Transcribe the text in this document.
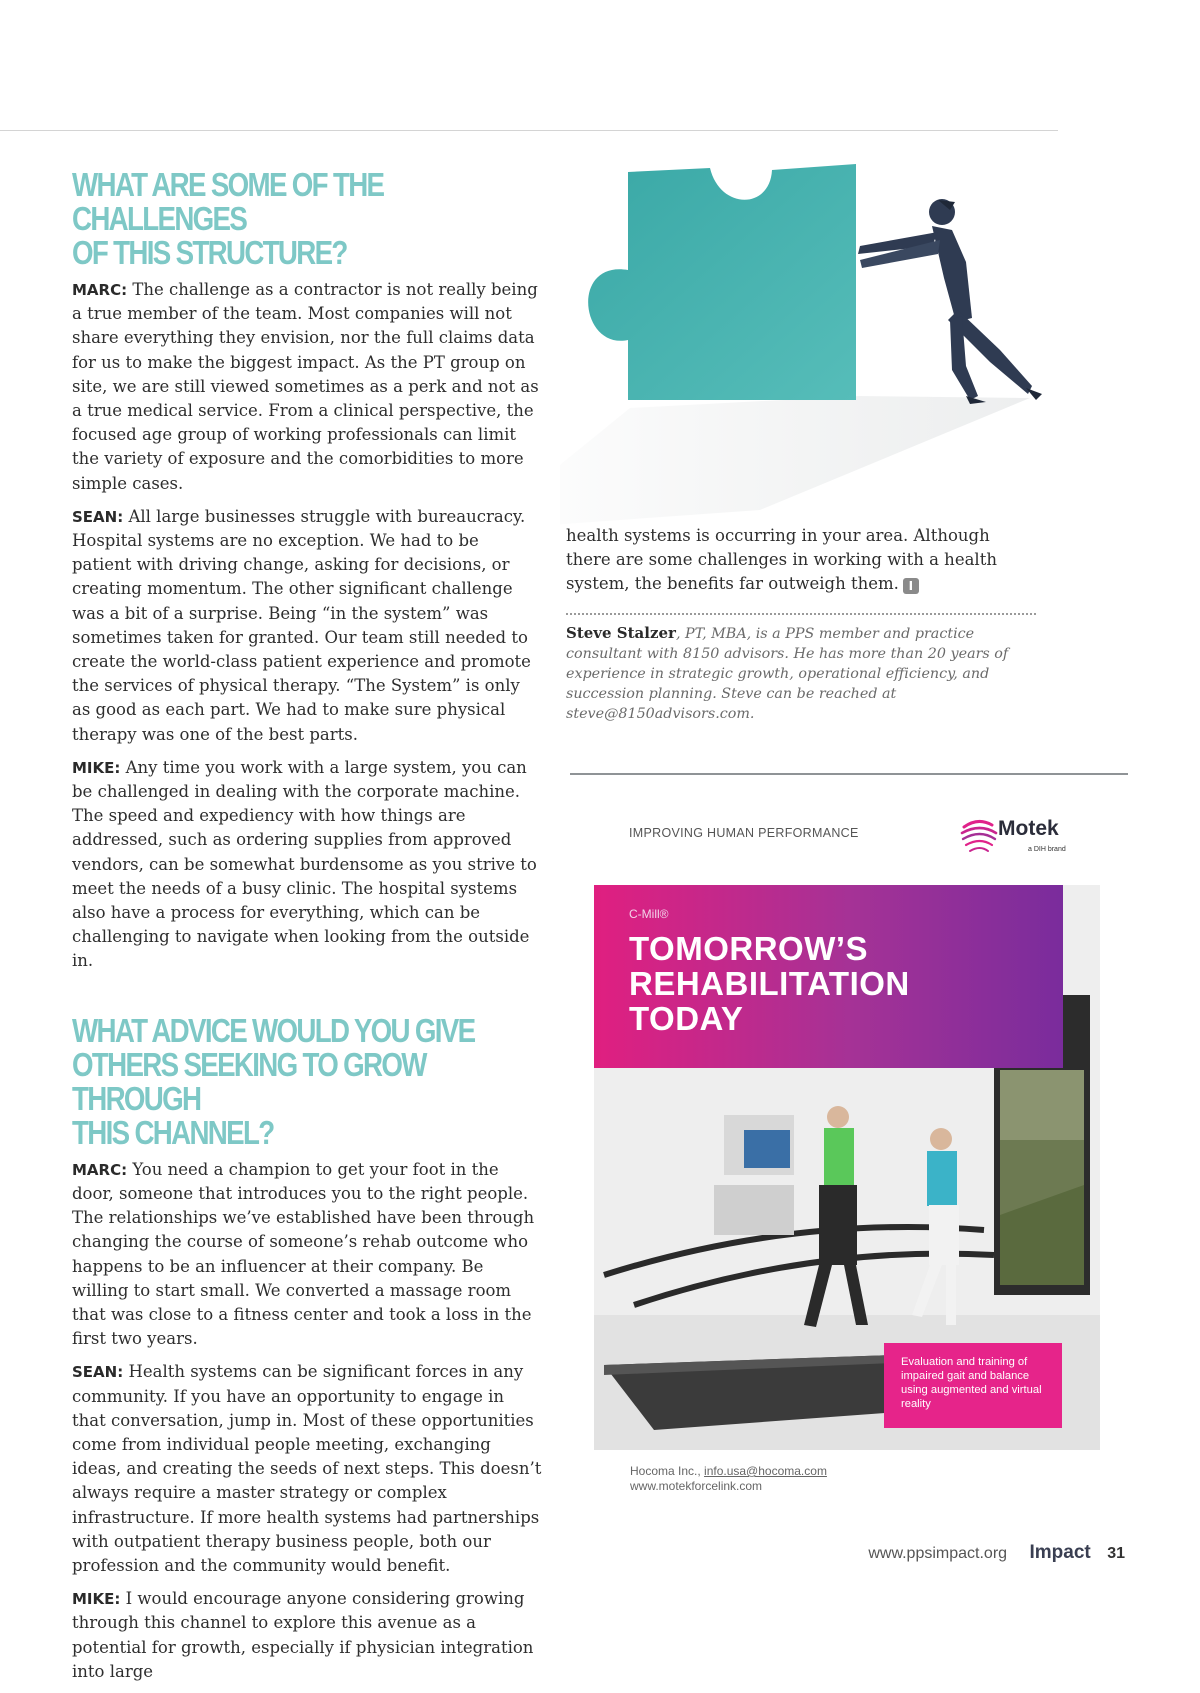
WHAT ARE SOME OF THE CHALLENGES
OF THIS STRUCTURE?

MARC: The challenge as a contractor is not really being a true member of the team. Most companies will not share everything they envision, nor the full claims data for us to make the biggest impact. As the PT group on site, we are still viewed sometimes as a perk and not as a true medical service. From a clinical perspective, the focused age group of working professionals can limit the variety of exposure and the comorbidities to more simple cases.

SEAN: All large businesses struggle with bureaucracy. Hospital systems are no exception. We had to be patient with driving change, asking for decisions, or creating momentum. The other significant challenge was a bit of a surprise. Being “in the system” was sometimes taken for granted. Our team still needed to create the world-class patient experience and promote the services of physical therapy. “The System” is only as good as each part. We had to make sure physical therapy was one of the best parts.

MIKE: Any time you work with a large system, you can be challenged in dealing with the corporate machine. The speed and expediency with how things are addressed, such as ordering supplies from approved vendors, can be somewhat burdensome as you strive to meet the needs of a busy clinic. The hospital systems also have a process for everything, which can be challenging to navigate when looking from the outside in.

WHAT ADVICE WOULD YOU GIVE
OTHERS SEEKING TO GROW THROUGH
THIS CHANNEL?

MARC: You need a champion to get your foot in the door, someone that introduces you to the right people. The relationships we’ve established have been through changing the course of someone’s rehab outcome who happens to be an influencer at their company. Be willing to start small. We converted a massage room that was close to a fitness center and took a loss in the first two years.

SEAN: Health systems can be significant forces in any community. If you have an opportunity to engage in that conversation, jump in. Most of these opportunities come from individual people meeting, exchanging ideas, and creating the seeds of next steps. This doesn’t always require a master strategy or complex infrastructure. If more health systems had partnerships with outpatient therapy business people, both our profession and the community would benefit.

MIKE: I would encourage anyone considering growing through this channel to explore this avenue as a potential for growth, especially if physician integration into large

health systems is occurring in your area. Although there are some challenges in working with a health system, the benefits far outweigh them. I

Steve Stalzer, PT, MBA, is a PPS member and practice consultant with 8150 advisors. He has more than 20 years of experience in strategic growth, operational efficiency, and succession planning. Steve can be reached at steve@8150advisors.com.

IMPROVING HUMAN PERFORMANCE	Motek
a DIH brand
C-Mill®
TOMORROW’S
REHABILITATION
TODAY
Evaluation and training of impaired gait and balance using augmented and virtual reality
Hocoma Inc., info.usa@hocoma.com
www.motekforcelink.com
www.ppsimpact.org Impact 31
